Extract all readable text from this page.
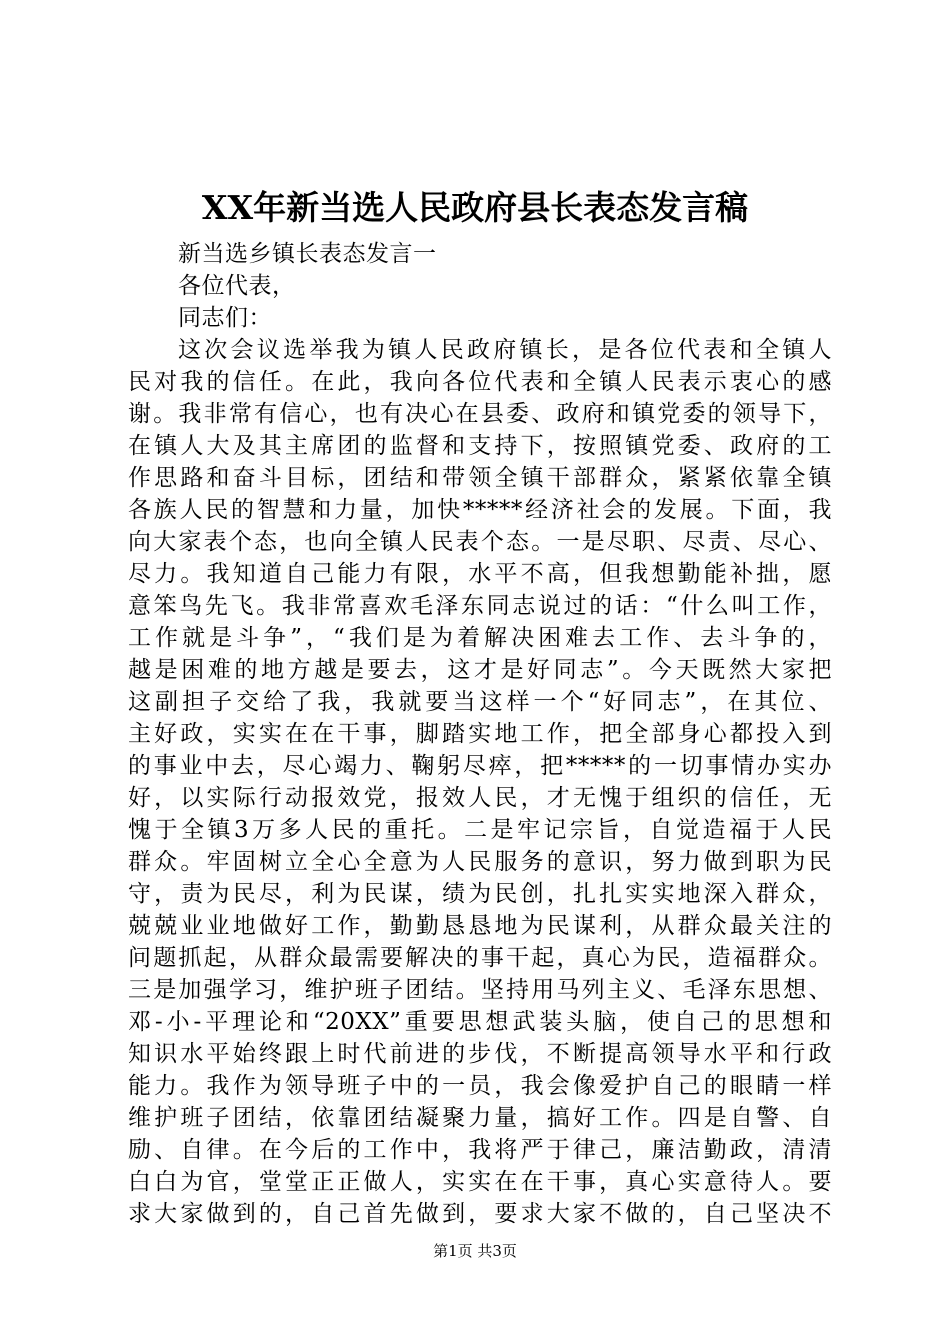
XX年新当选人民政府县长表态发言稿
新当选乡镇长表态发言一
各位代表，
同志们：
这次会议选举我为镇人民政府镇长，是各位代表和全镇人
民对我的信任。在此，我向各位代表和全镇人民表示衷心的感
谢。我非常有信心，也有决心在县委、政府和镇党委的领导下，
在镇人大及其主席团的监督和支持下，按照镇党委、政府的工
作思路和奋斗目标，团结和带领全镇干部群众，紧紧依靠全镇
各族人民的智慧和力量，加快*****经济社会的发展。下面，我
向大家表个态，也向全镇人民表个态。一是尽职、尽责、尽心、
尽力。我知道自己能力有限，水平不高，但我想勤能补拙，愿
意笨鸟先飞。我非常喜欢毛泽东同志说过的话：“什么叫工作，
工作就是斗争”，“我们是为着解决困难去工作、去斗争的，
越是困难的地方越是要去，这才是好同志”。今天既然大家把
这副担子交给了我，我就要当这样一个“好同志”，在其位、
主好政，实实在在干事，脚踏实地工作，把全部身心都投入到
的事业中去，尽心竭力、鞠躬尽瘁，把*****的一切事情办实办
好，以实际行动报效党，报效人民，才无愧于组织的信任，无
愧于全镇3万多人民的重托。二是牢记宗旨，自觉造福于人民
群众。牢固树立全心全意为人民服务的意识，努力做到职为民
守，责为民尽，利为民谋，绩为民创，扎扎实实地深入群众，
兢兢业业地做好工作，勤勤恳恳地为民谋利，从群众最关注的
问题抓起，从群众最需要解决的事干起，真心为民，造福群众。
三是加强学习，维护班子团结。坚持用马列主义、毛泽东思想、
邓-小-平理论和“20XX”重要思想武装头脑，使自己的思想和
知识水平始终跟上时代前进的步伐，不断提高领导水平和行政
能力。我作为领导班子中的一员，我会像爱护自己的眼睛一样
维护班子团结，依靠团结凝聚力量，搞好工作。四是自警、自
励、自律。在今后的工作中，我将严于律己，廉洁勤政，清清
白白为官，堂堂正正做人，实实在在干事，真心实意待人。要
求大家做到的，自己首先做到，要求大家不做的，自己坚决不
第1页 共3页
